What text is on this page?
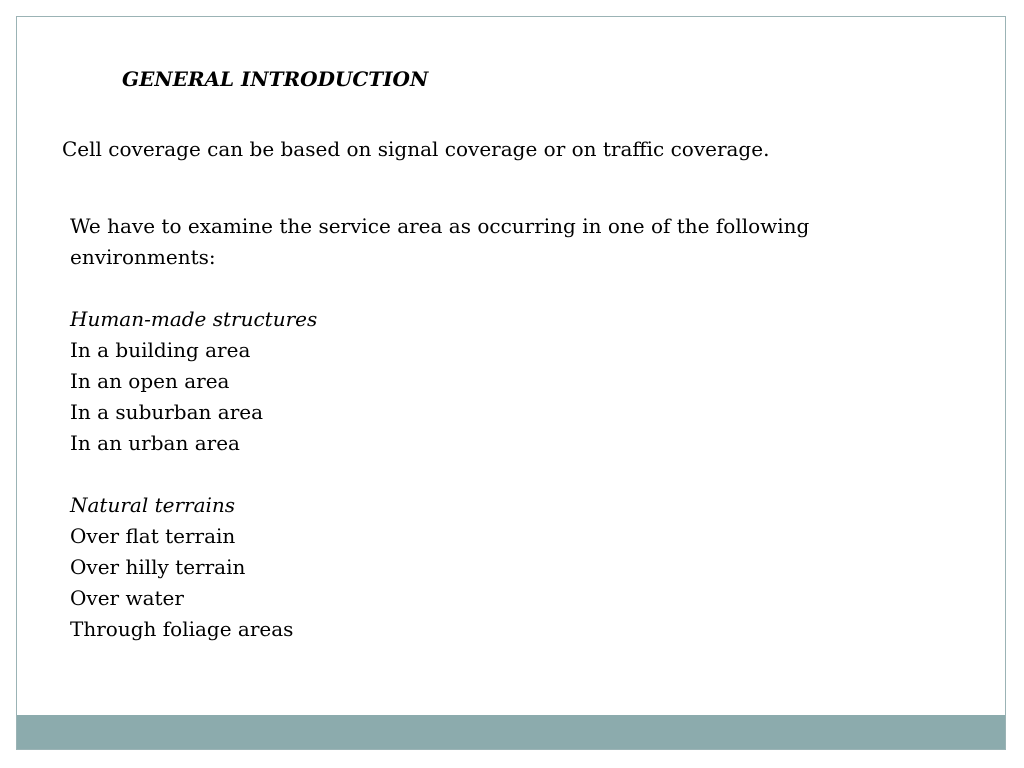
GENERAL INTRODUCTION
Cell coverage can be based on signal coverage or on traffic coverage.

We have to examine the service area as occurring in one of the following environments:

Human-made structures
In a building area
In an open area
In a suburban area
In an urban area
Natural terrains
Over flat terrain
Over hilly terrain
Over water
Through foliage areas
